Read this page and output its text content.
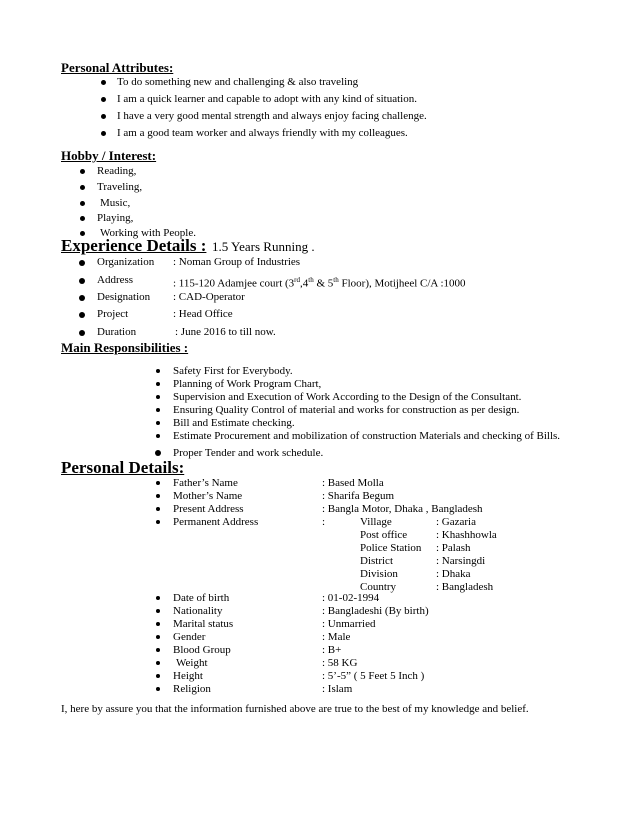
Personal Attributes:
To do something new and challenging & also traveling
I am a quick learner and capable to adopt with any kind of situation.
I have a very good mental strength and always enjoy facing challenge.
I am a good team worker and always friendly with my colleagues.
Hobby / Interest:
Reading,
Traveling,
Music,
Playing,
Working with People.
Experience Details : 1.5 Years Running .
Organization : Noman Group of Industries
Address	: 115-120 Adamjee court (3rd,4th & 5th Floor), Motijheel C/A :1000
Designation : CAD-Operator
Project	: Head Office
Duration	: June 2016 to till now.
Main Responsibilities :
Safety First for Everybody.
Planning of Work Program Chart,
Supervision and Execution of Work According to the Design of the Consultant.
Ensuring Quality Control of material and works for construction as per design.
Bill and Estimate checking.
Estimate Procurement and mobilization of construction Materials and checking of Bills.
Proper Tender and work schedule.
Personal Details:
Father’s Name	: Based Molla
Mother’s Name	: Sharifa Begum
Present Address	: Bangla Motor, Dhaka , Bangladesh
Permanent Address	:	Village	: Gazaria
Post office	: Khashhowla
Police Station : Palash
District	: Narsingdi
Division	: Dhaka
Country	: Bangladesh
Date of birth	: 01-02-1994
Nationality	: Bangladeshi (By birth)
Marital status	: Unmarried
Gender	: Male
Blood Group	: B+
Weight	: 58 KG
Height	: 5’-5” ( 5 Feet 5 Inch )
Religion	: Islam
I, here by assure you that the information furnished above are true to the best of my knowledge and belief.
